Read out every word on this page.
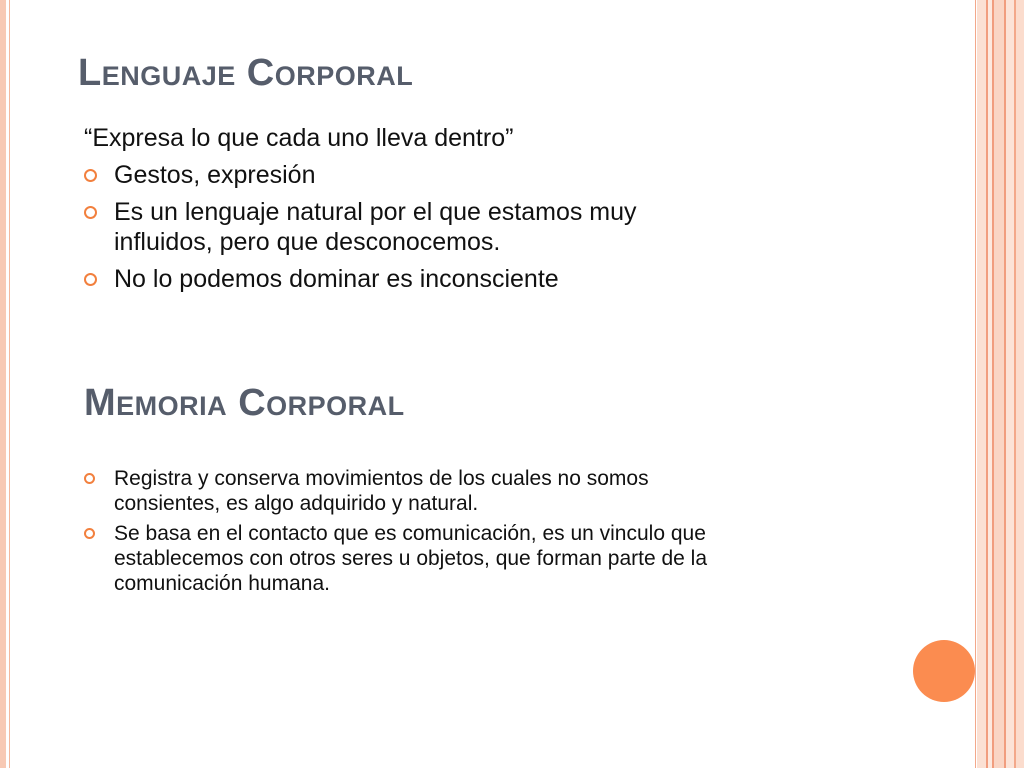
Lenguaje Corporal
“Expresa lo que cada uno lleva dentro”
Gestos, expresión
Es un lenguaje natural por el que estamos muy influidos, pero que desconocemos.
No lo podemos dominar es inconsciente
Memoria Corporal
Registra y conserva movimientos de los cuales no somos consientes, es algo adquirido y natural.
Se basa en el contacto que es comunicación, es un vinculo que establecemos con otros seres u objetos, que forman parte de la comunicación humana.
